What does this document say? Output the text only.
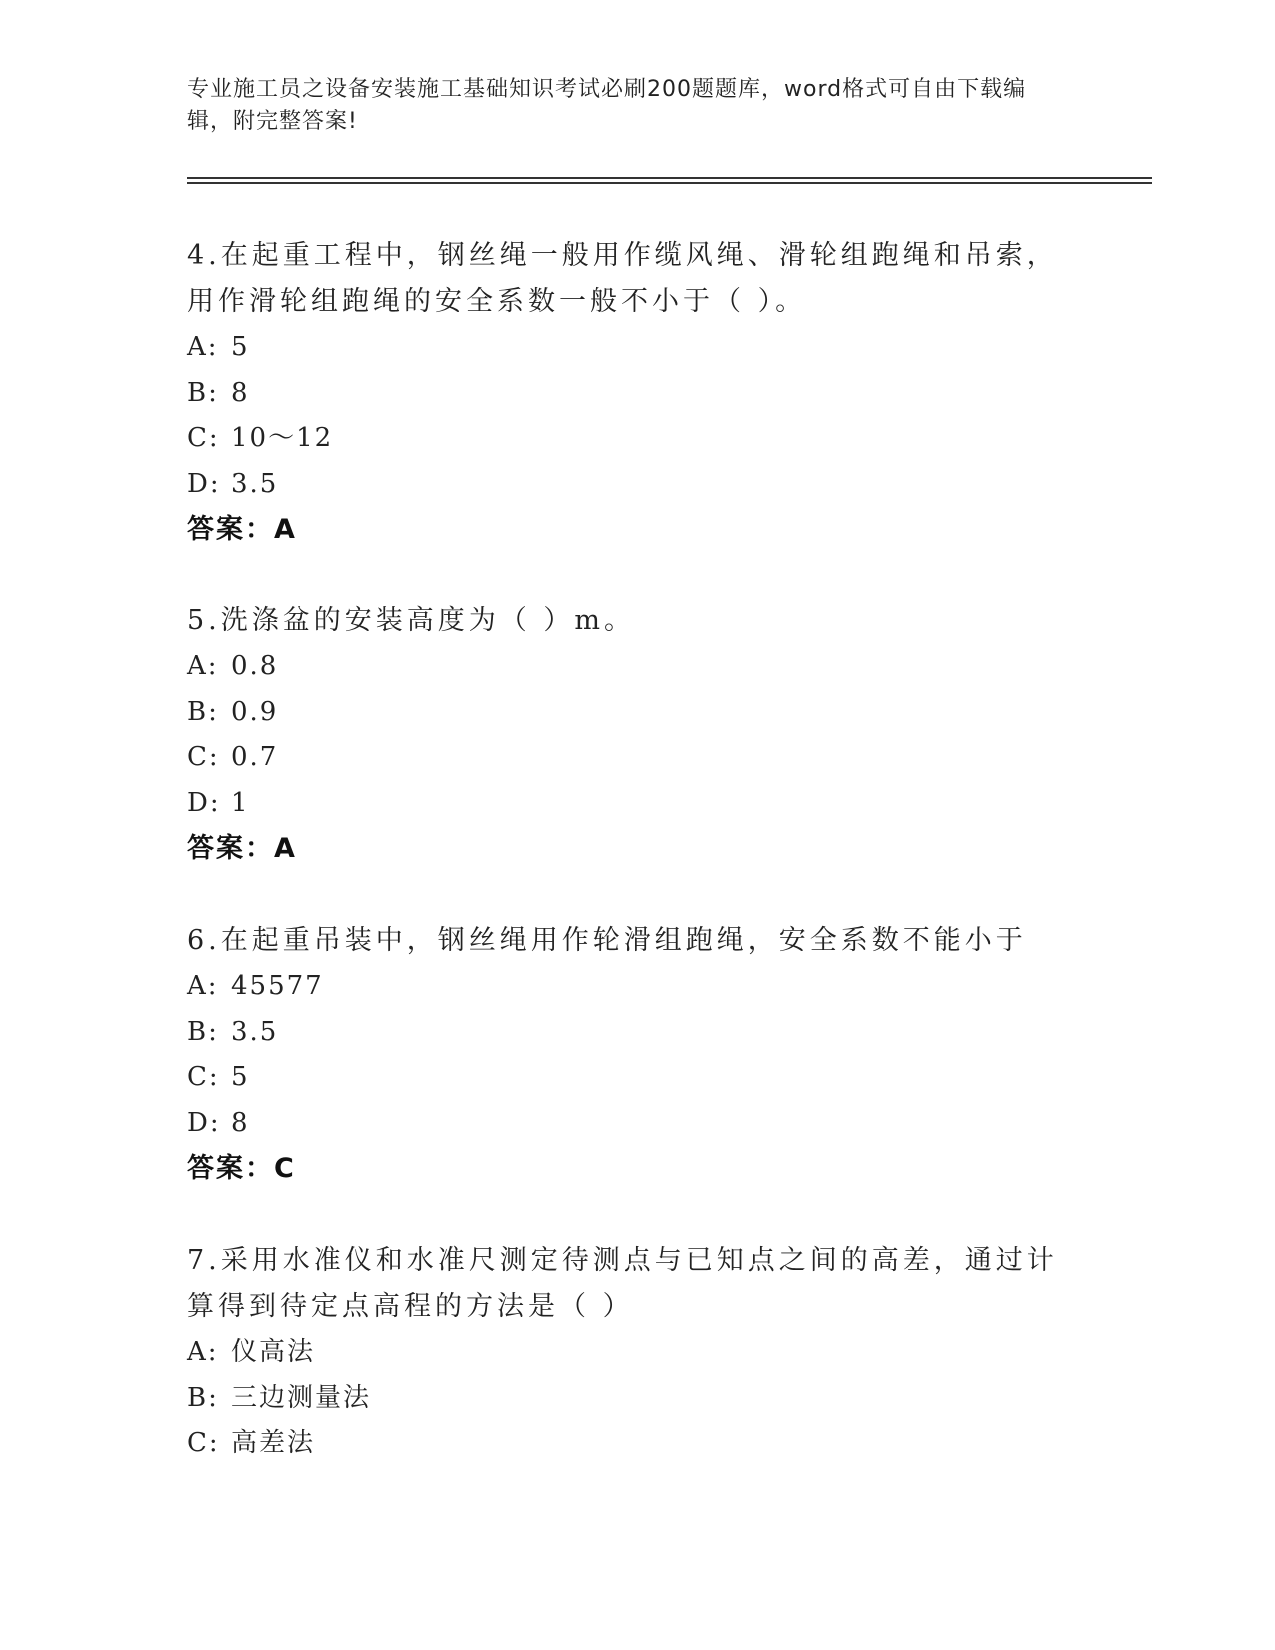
专业施工员之设备安装施工基础知识考试必刷200题题库，word格式可自由下载编辑，附完整答案!

4.在起重工程中，钢丝绳一般用作缆风绳、滑轮组跑绳和吊索，用作滑轮组跑绳的安全系数一般不小于（ ）。

A: 5
B: 8
C: 10～12
D: 3.5
答案：A

5.洗涤盆的安装高度为（ ）m。

A: 0.8
B: 0.9
C: 0.7
D: 1
答案：A

6.在起重吊装中，钢丝绳用作轮滑组跑绳，安全系数不能小于

A: 45577
B: 3.5
C: 5
D: 8
答案：C

7.采用水准仪和水准尺测定待测点与已知点之间的高差，通过计算得到待定点高程的方法是（ ）

A: 仪高法
B: 三边测量法
C: 高差法
